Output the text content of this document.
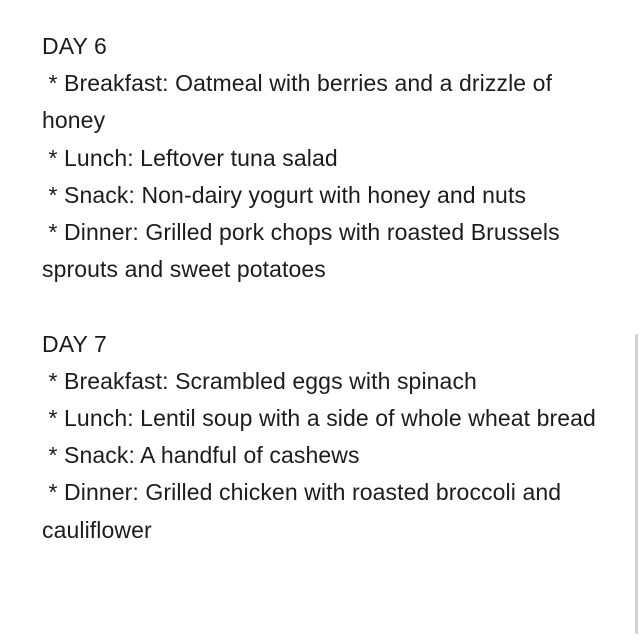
DAY 6

* Breakfast: Oatmeal with berries and a drizzle of honey

* Lunch: Leftover tuna salad

* Snack: Non-dairy yogurt with honey and nuts

* Dinner: Grilled pork chops with roasted Brussels sprouts and sweet potatoes

DAY 7

* Breakfast: Scrambled eggs with spinach

* Lunch: Lentil soup with a side of whole wheat bread

* Snack: A handful of cashews

* Dinner: Grilled chicken with roasted broccoli and cauliflower
